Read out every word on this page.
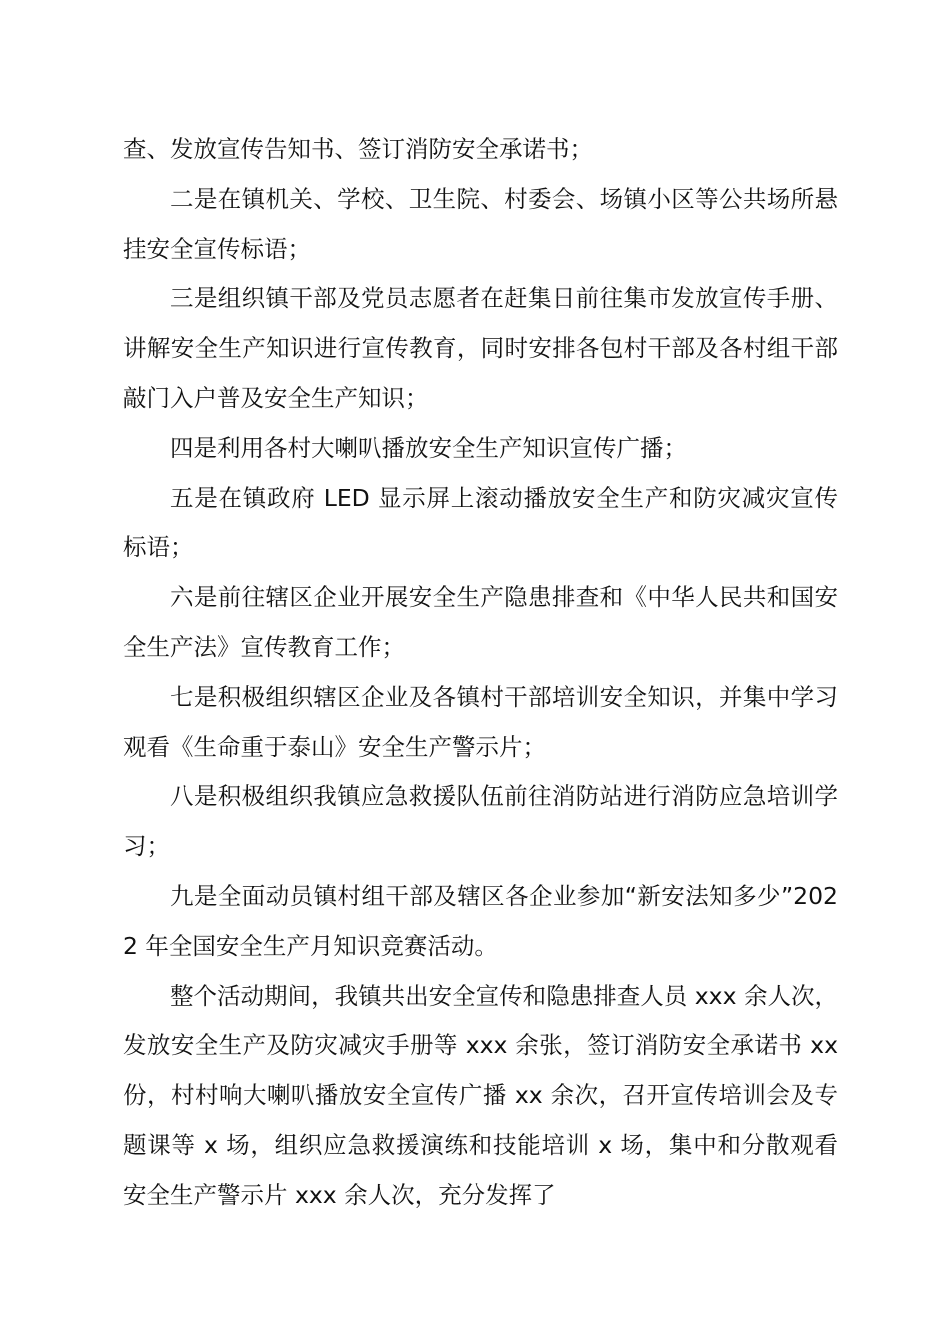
查、发放宣传告知书、签订消防安全承诺书；

二是在镇机关、学校、卫生院、村委会、场镇小区等公共场所悬挂安全宣传标语；

三是组织镇干部及党员志愿者在赶集日前往集市发放宣传手册、讲解安全生产知识进行宣传教育，同时安排各包村干部及各村组干部敲门入户普及安全生产知识；

四是利用各村大喇叭播放安全生产知识宣传广播；

五是在镇政府 LED 显示屏上滚动播放安全生产和防灾减灾宣传标语；

六是前往辖区企业开展安全生产隐患排查和《中华人民共和国安全生产法》宣传教育工作；

七是积极组织辖区企业及各镇村干部培训安全知识，并集中学习观看《生命重于泰山》安全生产警示片；

八是积极组织我镇应急救援队伍前往消防站进行消防应急培训学习；

九是全面动员镇村组干部及辖区各企业参加“新安法知多少”2022 年全国安全生产月知识竞赛活动。

整个活动期间，我镇共出安全宣传和隐患排查人员 xxx 余人次，发放安全生产及防灾减灾手册等 xxx 余张，签订消防安全承诺书 xx 份，村村响大喇叭播放安全宣传广播 xx 余次，召开宣传培训会及专题课等 x 场，组织应急救援演练和技能培训 x 场，集中和分散观看安全生产警示片 xxx 余人次，充分发挥了
